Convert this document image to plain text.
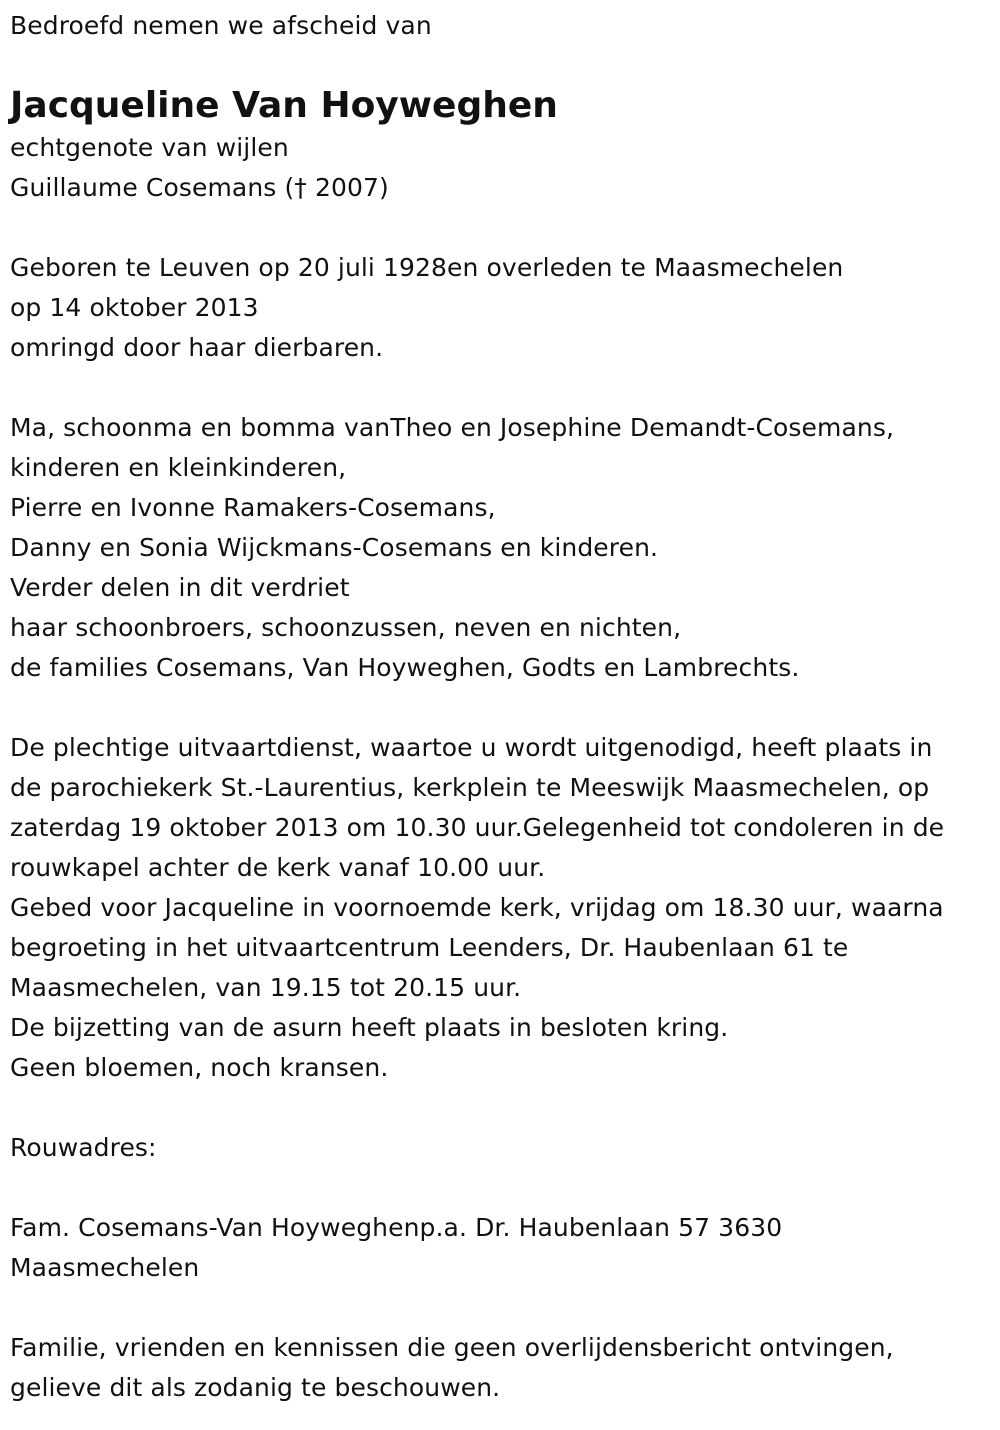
Bedroefd nemen we afscheid van
Jacqueline Van Hoyweghen
echtgenote van wijlen
Guillaume Cosemans († 2007)
Geboren te Leuven op 20 juli 1928en overleden te Maasmechelen
op 14 oktober 2013
omringd door haar dierbaren.
Ma, schoonma en bomma vanTheo en Josephine Demandt-Cosemans,
kinderen en kleinkinderen,
Pierre en Ivonne Ramakers-Cosemans,
Danny en Sonia Wijckmans-Cosemans en kinderen.
Verder delen in dit verdriet
haar schoonbroers, schoonzussen, neven en nichten,
de families Cosemans, Van Hoyweghen, Godts en Lambrechts.
De plechtige uitvaartdienst, waartoe u wordt uitgenodigd, heeft plaats in
de parochiekerk St.-Laurentius, kerkplein te Meeswijk Maasmechelen, op
zaterdag 19 oktober 2013 om 10.30 uur.Gelegenheid tot condoleren in de
rouwkapel achter de kerk vanaf 10.00 uur.
Gebed voor Jacqueline in voornoemde kerk, vrijdag om 18.30 uur, waarna
begroeting in het uitvaartcentrum Leenders, Dr. Haubenlaan 61 te
Maasmechelen, van 19.15 tot 20.15 uur.
De bijzetting van de asurn heeft plaats in besloten kring.
Geen bloemen, noch kransen.
Rouwadres:
Fam. Cosemans-Van Hoyweghenp.a. Dr. Haubenlaan 57 3630
Maasmechelen
Familie, vrienden en kennissen die geen overlijdensbericht ontvingen,
gelieve dit als zodanig te beschouwen.
